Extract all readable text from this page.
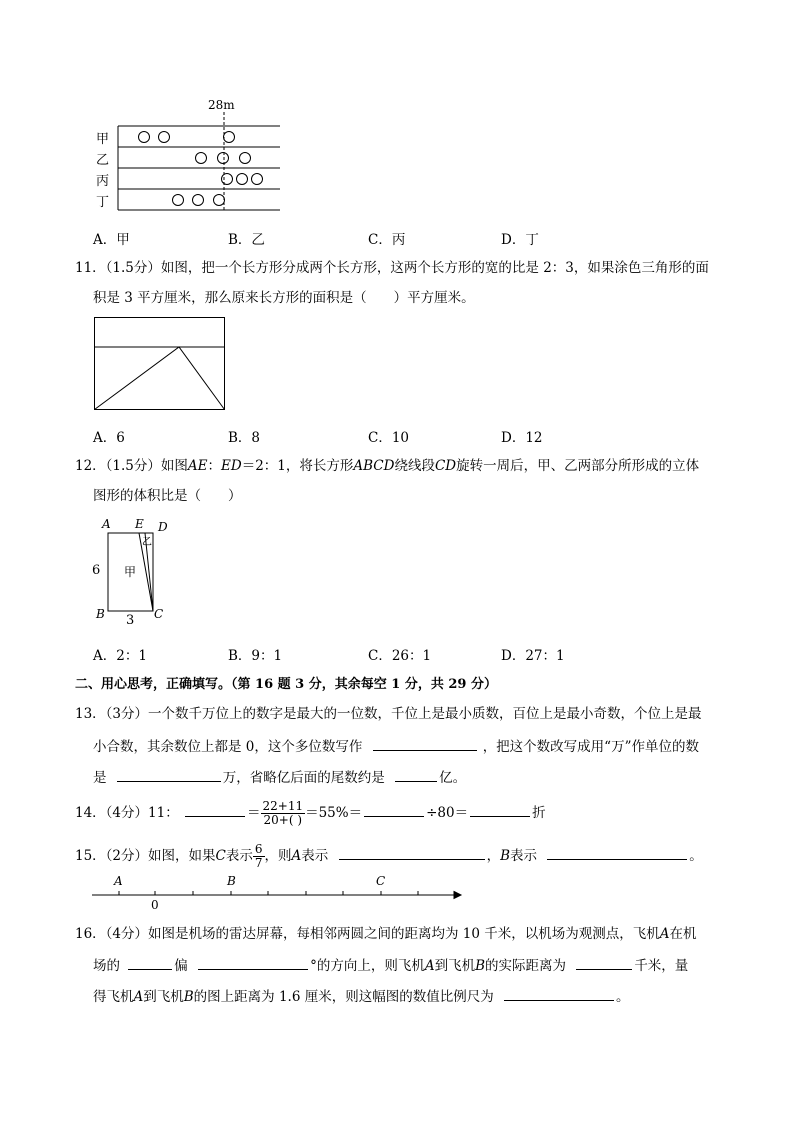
28m
甲
乙
丙
丁
A．甲	B．乙	C．丙	D．丁
11．（1.5分）如图，把一个长方形分成两个长方形，这两个长方形的宽的比是 2：3，如果涂色三角形的面
积是 3 平方厘米，那么原来长方形的面积是（　　）平方厘米。
A．6	B．8	C．10	D．12
12．（1.5分）如图AE：ED＝2：1，将长方形ABCD绕线段CD旋转一周后，甲、乙两部分所形成的立体
图形的体积比是（　　）
A E D
乙
甲
6
B	C
3
A．2：1	B．9：1	C．26：1	D．27：1
二、用心思考，正确填写。（第 16 题 3 分，其余每空 1 分，共 29 分）
13．（3分）一个数千万位上的数字是最大的一位数，千位上是最小质数，百位上是最小奇数，个位上是最
小合数，其余数位上都是 0，这个多位数写作	，把这个数改写成用“万”作单位的数
是	万，省略亿后面的尾数约是	亿。
14．（4分）11：	＝ $\frac{22+11}{20+( )} =55\%=$	÷80＝	折
15．（2分）如图，如果C表示 $\frac{6}{7}$ ，则A表示	，B表示	。
A
0
B	C
16．（4分）如图是机场的雷达屏幕，每相邻两圆之间的距离均为 10 千米，以机场为观测点，飞机A在机
场的	偏	°的方向上，则飞机A到飞机B的实际距离为	千米，量
得飞机A到飞机B的图上距离为 1.6 厘米，则这幅图的数值比例尺为	。
